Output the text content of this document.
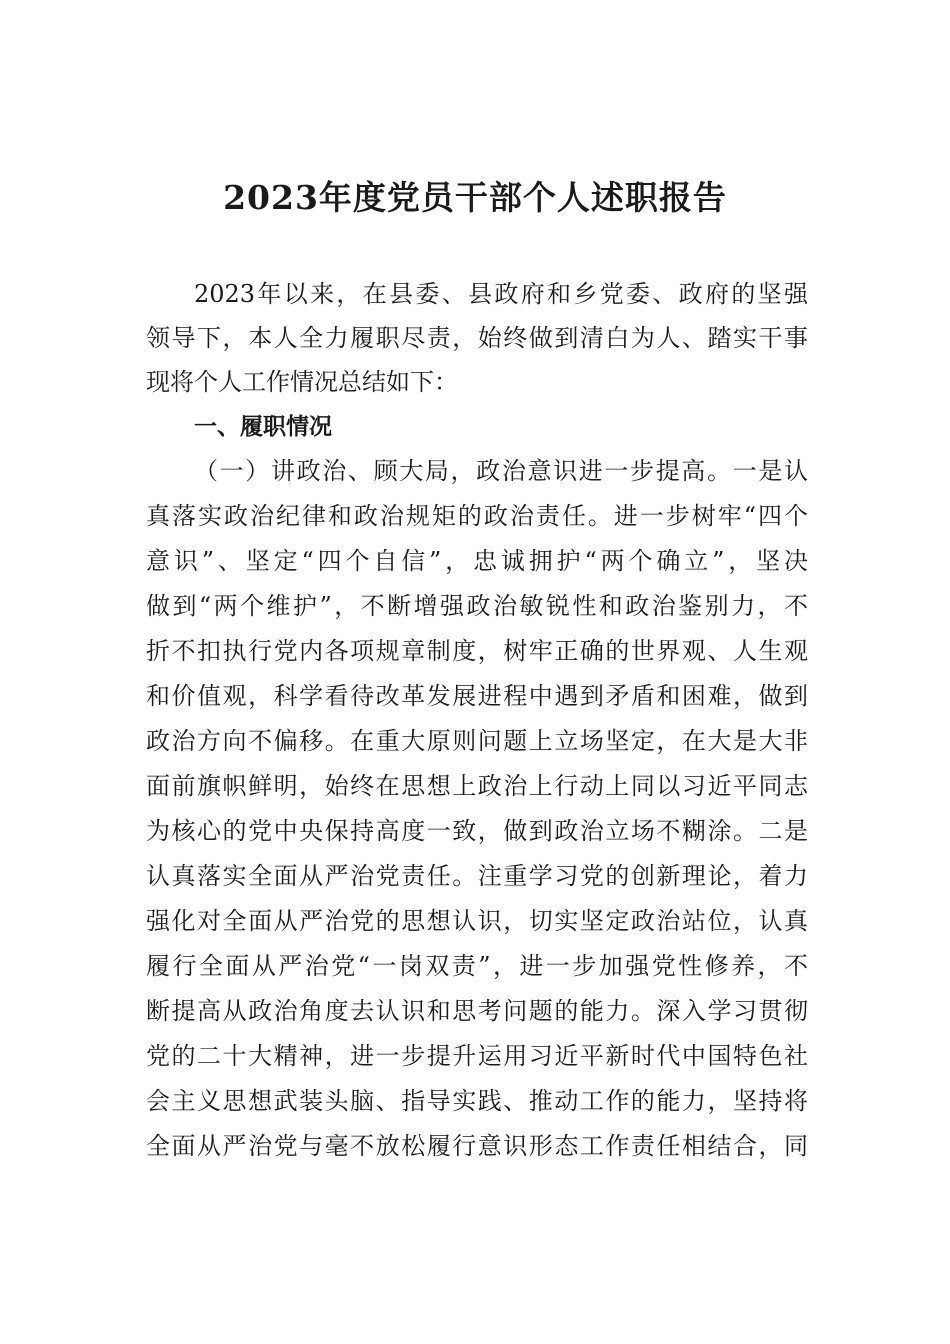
2023年度党员干部个人述职报告
2023年以来，在县委、县政府和乡党委、政府的坚强
领导下，本人全力履职尽责，始终做到清白为人、踏实干事
现将个人工作情况总结如下：
一、履职情况
（一）讲政治、顾大局，政治意识进一步提高。一是认
真落实政治纪律和政治规矩的政治责任。进一步树牢“四个
意识”、坚定“四个自信”，忠诚拥护“两个确立”，坚决
做到“两个维护”，不断增强政治敏锐性和政治鉴别力，不
折不扣执行党内各项规章制度，树牢正确的世界观、人生观
和价值观，科学看待改革发展进程中遇到矛盾和困难，做到
政治方向不偏移。在重大原则问题上立场坚定，在大是大非
面前旗帜鲜明，始终在思想上政治上行动上同以习近平同志
为核心的党中央保持高度一致，做到政治立场不糊涂。二是
认真落实全面从严治党责任。注重学习党的创新理论，着力
强化对全面从严治党的思想认识，切实坚定政治站位，认真
履行全面从严治党“一岗双责”，进一步加强党性修养，不
断提高从政治角度去认识和思考问题的能力。深入学习贯彻
党的二十大精神，进一步提升运用习近平新时代中国特色社
会主义思想武装头脑、指导实践、推动工作的能力，坚持将
全面从严治党与毫不放松履行意识形态工作责任相结合，同
